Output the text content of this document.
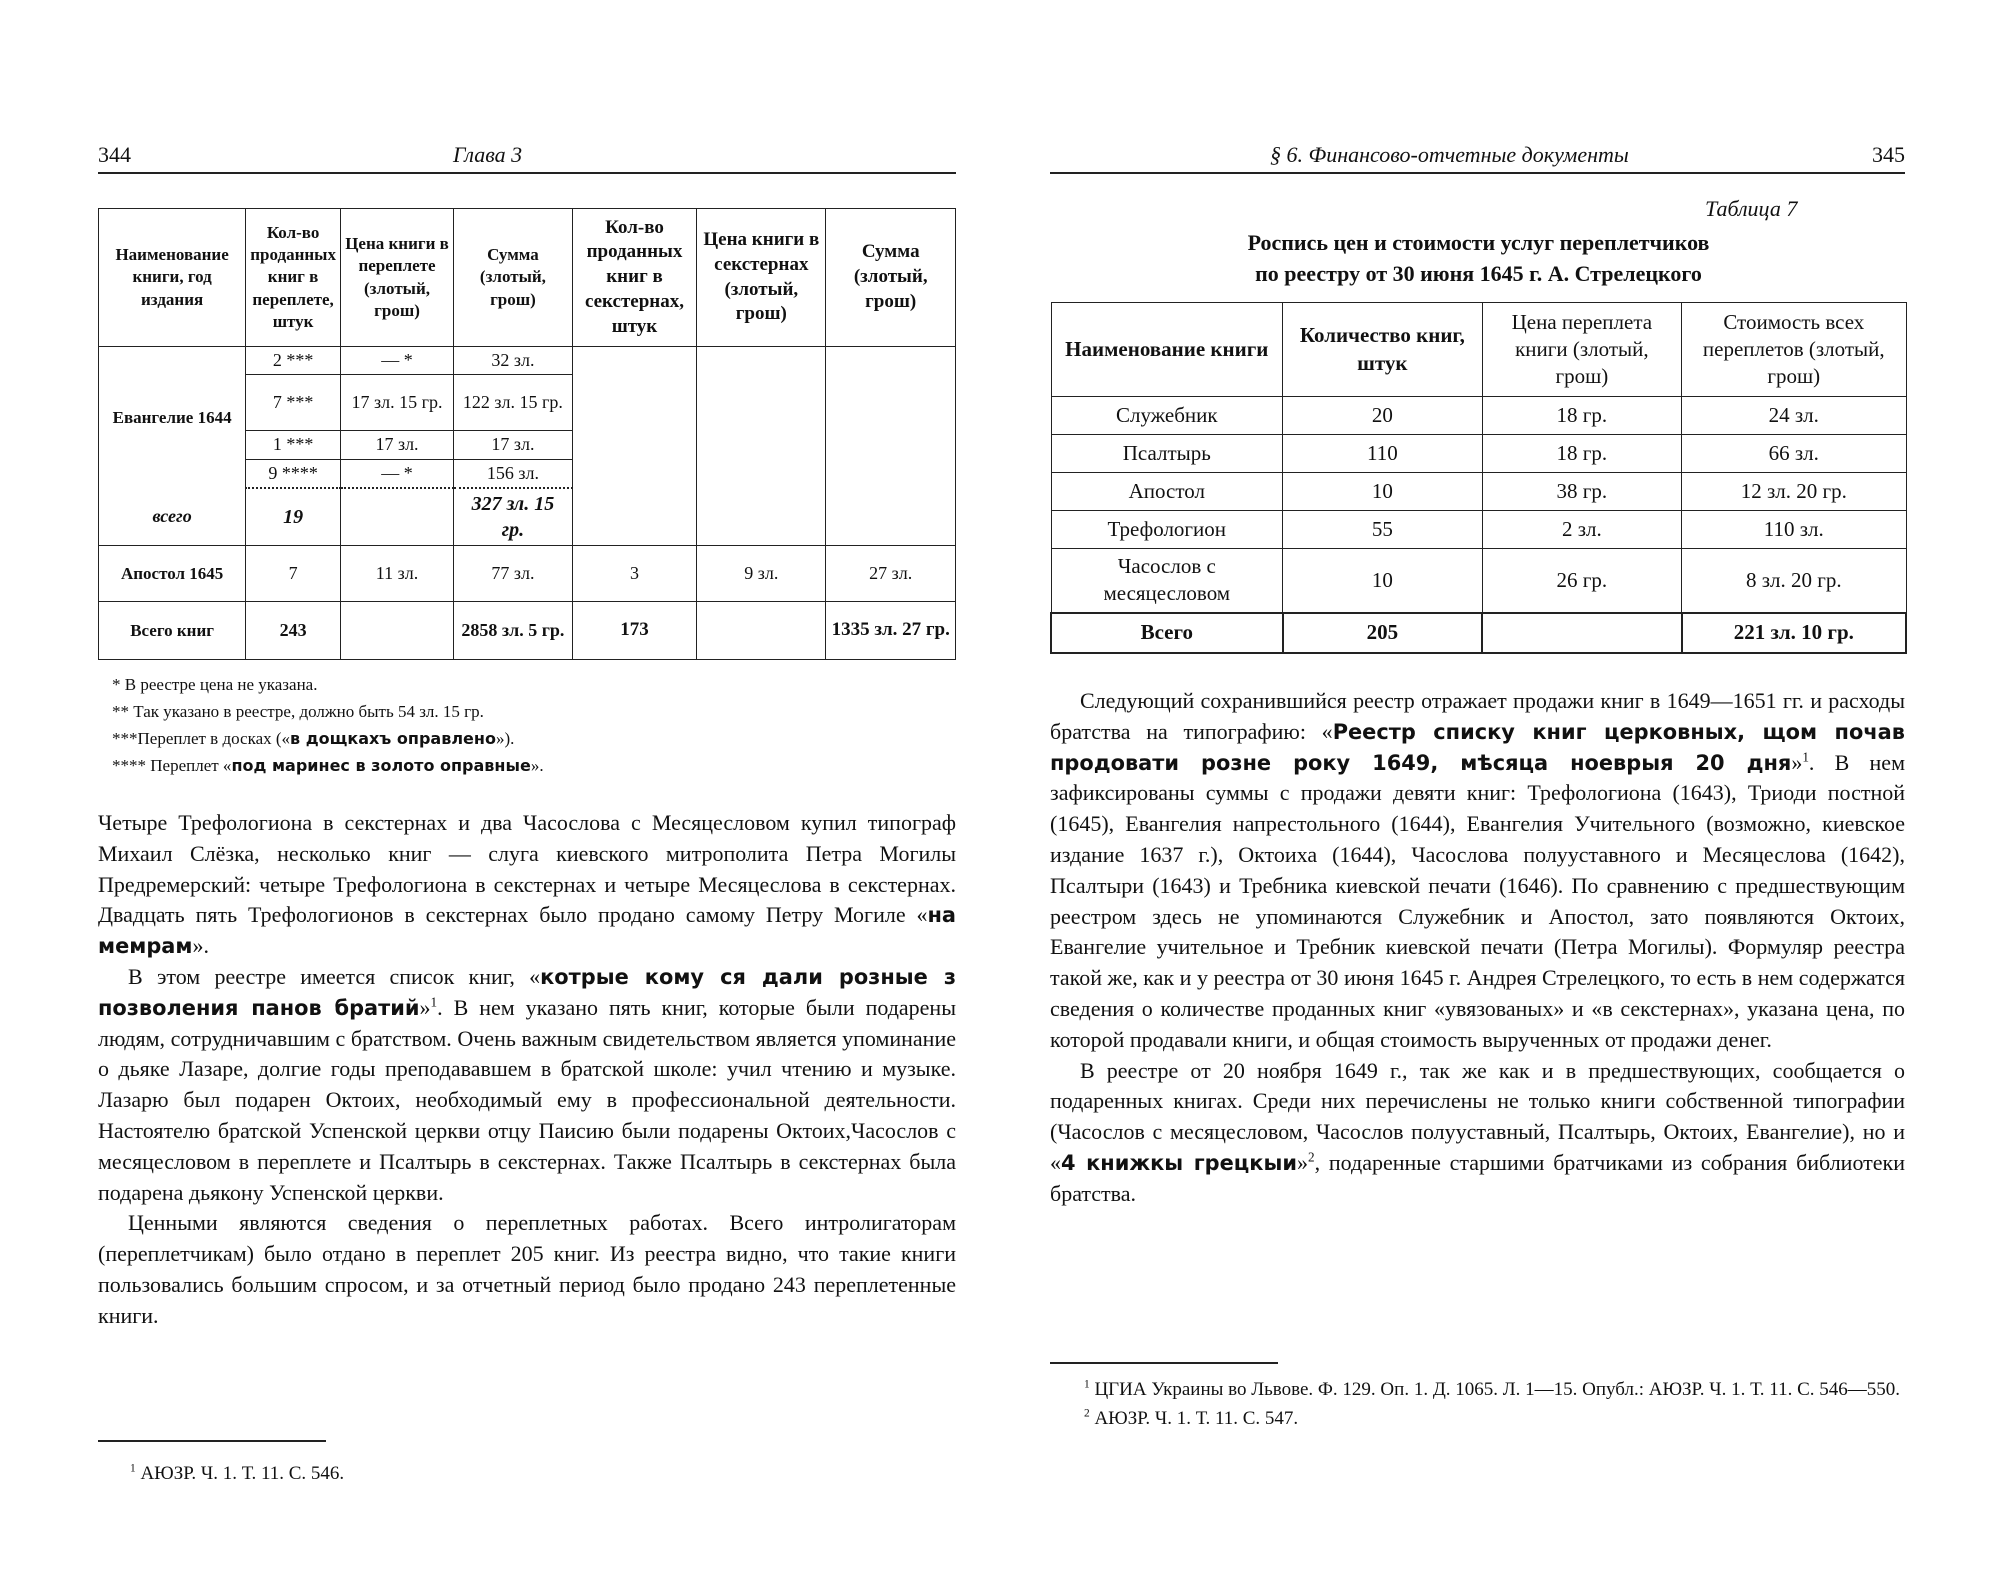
344	Глава 3
Наименование книги, год издания	Кол-во проданных книг в переплете, штук	Цена книги в переплете (злотый, грош)	Сумма (злотый, грош)	Кол-во проданных книг в секстернах, штук	Цена книги в секстернах (злотый, грош)	Сумма (злотый, грош)
Евангелие 1644	2 ***	— *	32 зл.			
	7 ***	17 зл. 15 гр.	122 зл. 15 гр.			
	1 ***	17 зл.	17 зл.			
	9 ****	— *	156 зл.			
всего	19		327 зл. 15 гр.			
Апостол 1645	7	11 зл.	77 зл.	3	9 зл.	27 зл.
Всего книг	243		2858 зл. 5 гр.	173		1335 зл. 27 гр.
* В реестре цена не указана.
** Так указано в реестре, должно быть 54 зл. 15 гр.
***Переплет в досках («в дощкахъ оправлено»).
**** Переплет «под маринес в золото оправные».

Четыре Трефологиона в секстернах и два Часослова с Месяцесловом купил типограф Михаил Слёзка, несколько книг — слуга киевского митрополита Петра Могилы Предремерский: четыре Трефологиона в секстернах и четыре Месяцеслова в секстернах. Двадцать пять Трефологионов в секстернах было продано самому Петру Могиле «на мемрам».

В этом реестре имеется список книг, «котрые кому ся дали розные з позволения панов братий»$^1$. В нем указано пять книг, которые были подарены людям, сотрудничавшим с братством. Очень важным свидетельством является упоминание о дьяке Лазаре, долгие годы преподававшем в братской школе: учил чтению и музыке. Лазарю был подарен Октоих, необходимый ему в профессиональной деятельности. Настоятелю братской Успенской церкви отцу Паисию были подарены Октоих,Часослов с месяцесловом в переплете и Псалтырь в секстернах. Также Псалтырь в секстернах была подарена дьякону Успенской церкви.

Ценными являются сведения о переплетных работах. Всего интролигаторам (переплетчикам) было отдано в переплет 205 книг. Из реестра видно, что такие книги пользовались большим спросом, и за отчетный период было продано 243 переплетенные книги.

$^1$ АЮЗР. Ч. 1. Т. 11. С. 546.
§ 6. Финансово-отчетные документы	345
Таблица 7
Роспись цен и стоимости услуг переплетчиков
по реестру от 30 июня 1645 г. А. Стрелецкого
Наименование книги	Количество книг, штук	Цена переплета книги (злотый, грош)	Стоимость всех переплетов (злотый, грош)
Служебник	20	18 гр.	24 зл.
Псалтырь	110	18 гр.	66 зл.
Апостол	10	38 гр.	12 зл. 20 гр.
Трефологион	55	2 зл.	110 зл.
Часослов с месяцесловом	10	26 гр.	8 зл. 20 гр.
Всего	205		221 зл. 10 гр.

Следующий сохранившийся реестр отражает продажи книг в 1649—1651 гг. и расходы братства на типографию: «Реестр списку книг церковных, щом почав продовати розне року 1649, мѣсяца ноеврыя 20 дня»$^1$. В нем зафиксированы суммы с продажи девяти книг: Трефологиона (1643), Триоди постной (1645), Евангелия напрестольного (1644), Евангелия Учительного (возможно, киевское издание 1637 г.), Октоиха (1644), Часослова полууставного и Месяцеслова (1642), Псалтыри (1643) и Требника киевской печати (1646). По сравнению с предшествующим реестром здесь не упоминаются Служебник и Апостол, зато появляются Октоих, Евангелие учительное и Требник киевской печати (Петра Могилы). Формуляр реестра такой же, как и у реестра от 30 июня 1645 г. Андрея Стрелецкого, то есть в нем содержатся сведения о количестве проданных книг «увязованых» и «в секстернах», указана цена, по которой продавали книги, и общая стоимость вырученных от продажи денег.

В реестре от 20 ноября 1649 г., так же как и в предшествующих, сообщается о подаренных книгах. Среди них перечислены не только книги собственной типографии (Часослов с месяцесловом, Часослов полууставный, Псалтырь, Октоих, Евангелие), но и «4 книжкы грецкыи»$^2$, подаренные старшими братчиками из собрания библиотеки братства.

$^1$ ЦГИА Украины во Львове. Ф. 129. Оп. 1. Д. 1065. Л. 1—15. Опубл.: АЮЗР. Ч. 1. Т. 11. С. 546—550.

$^2$ АЮЗР. Ч. 1. Т. 11. С. 547.
